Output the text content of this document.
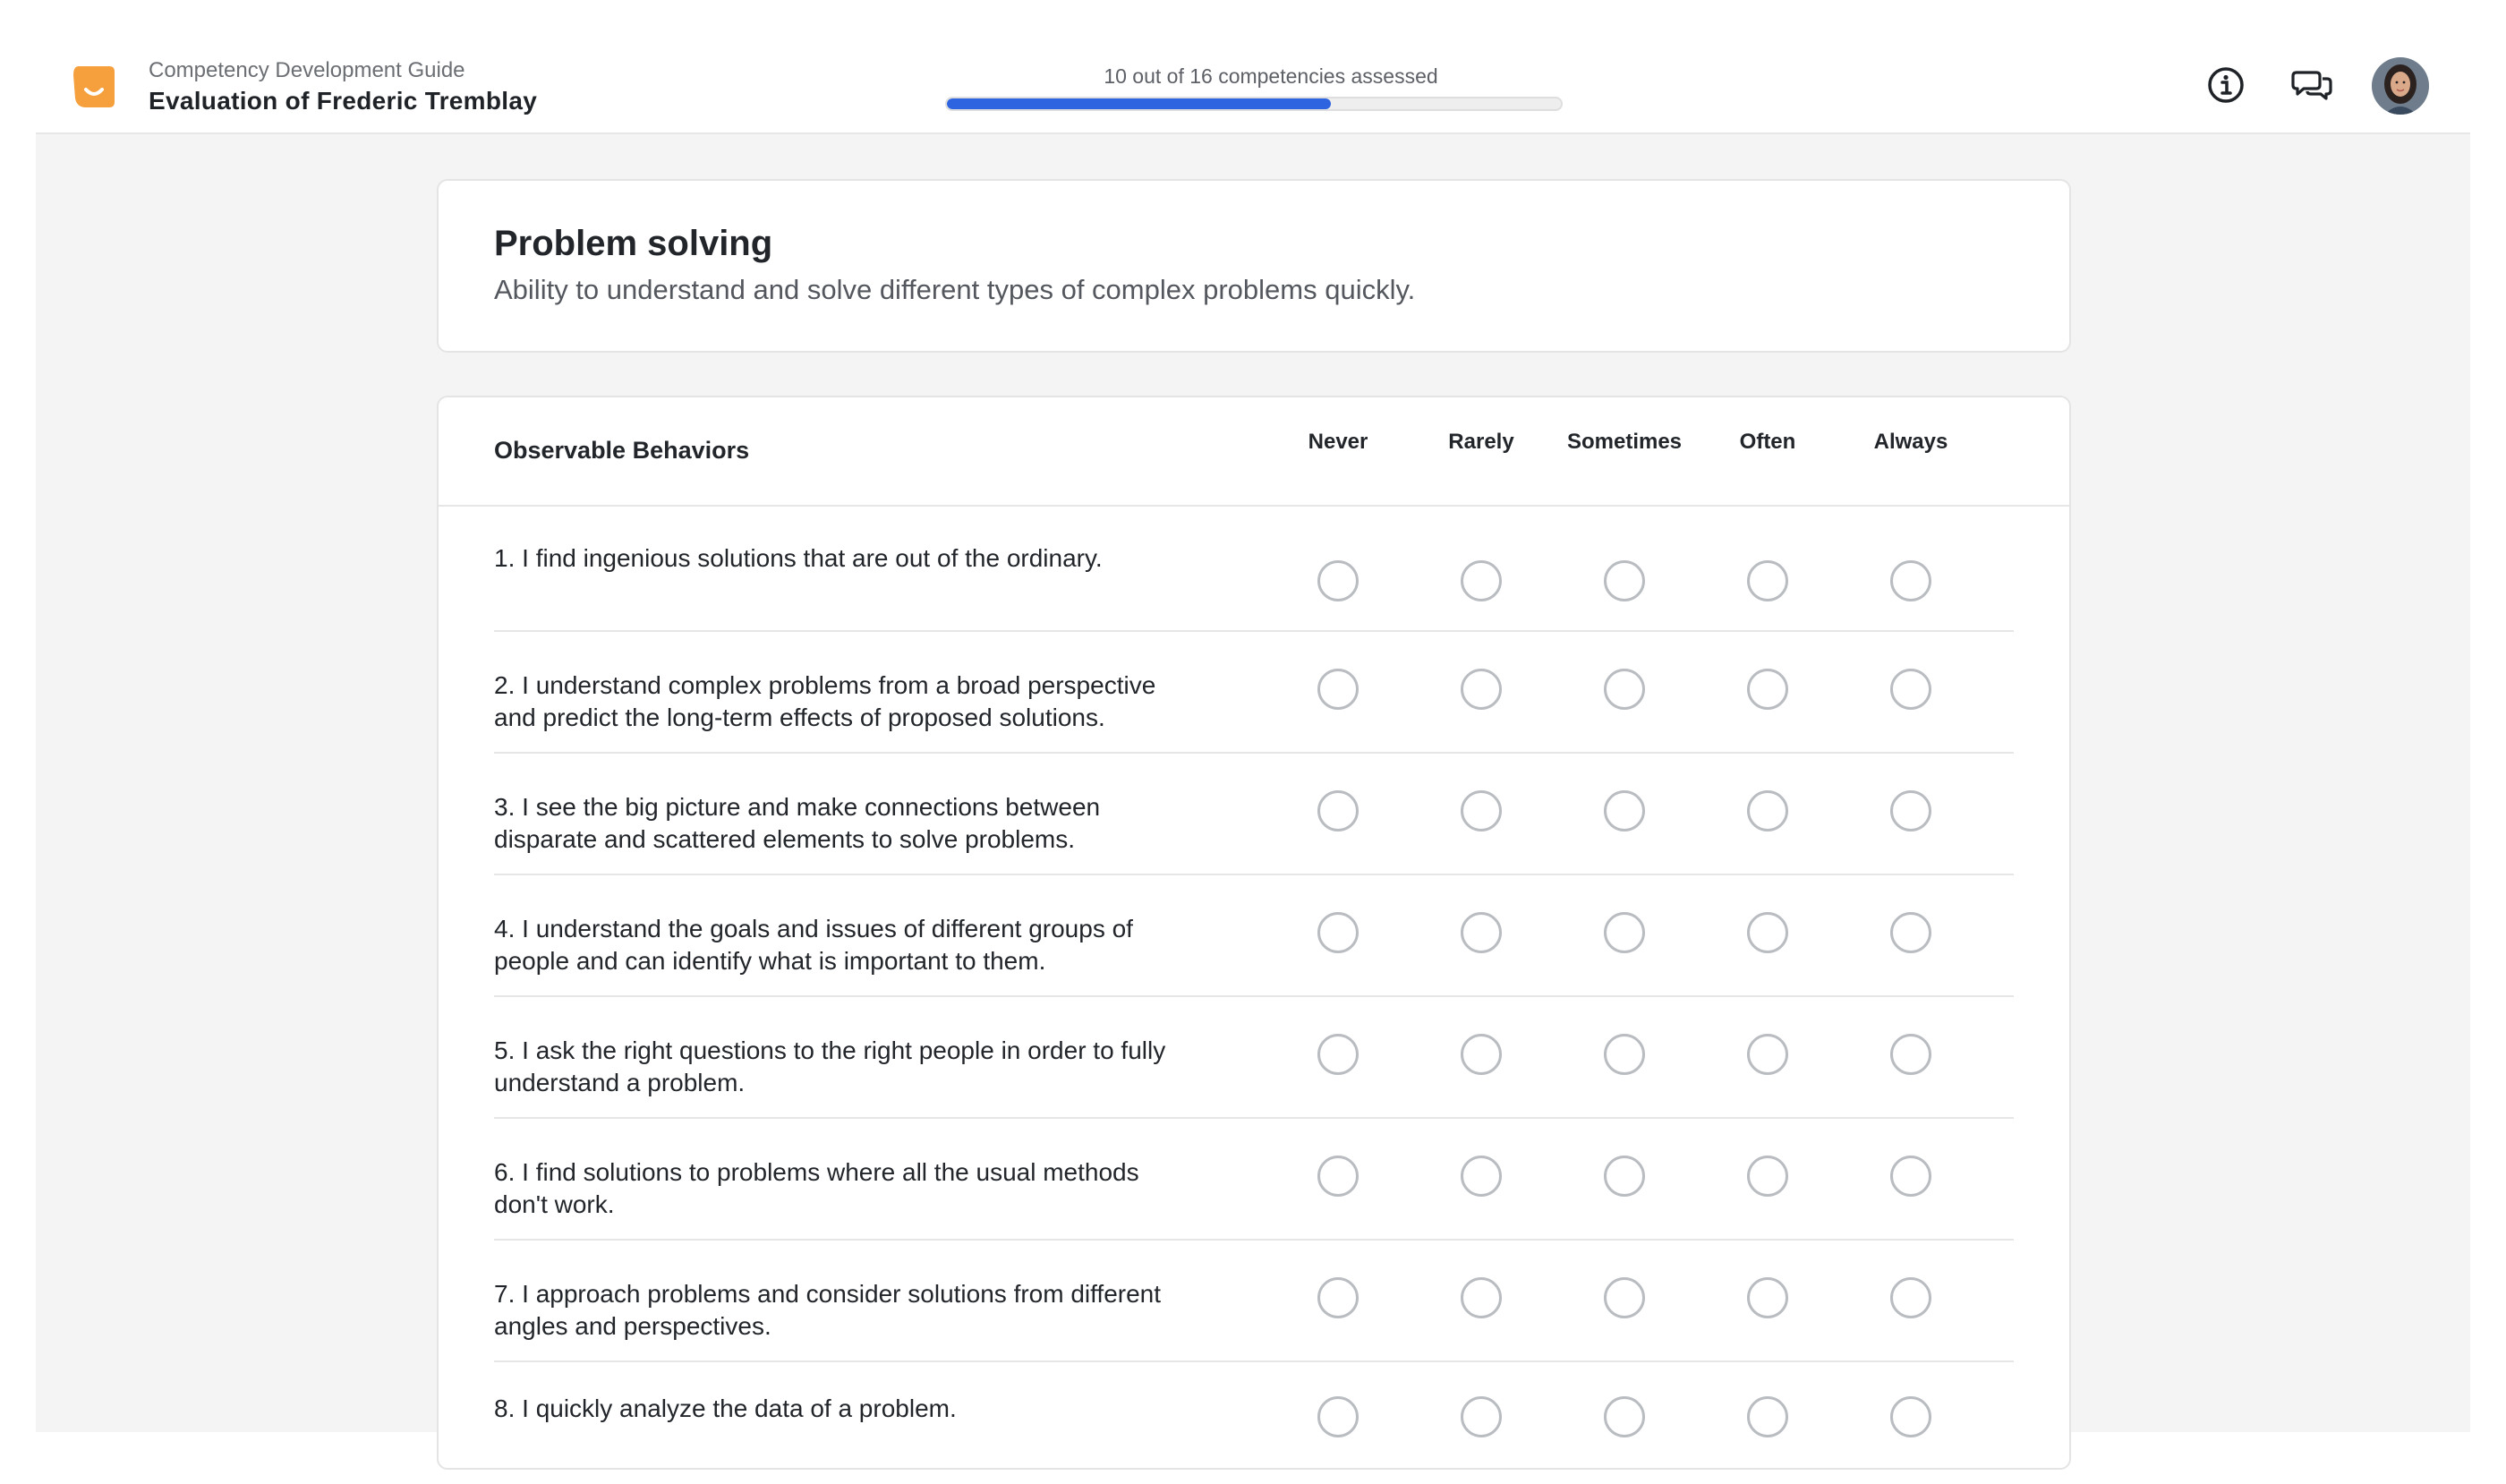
Competency Development Guide
Evaluation of Frederic Tremblay
10 out of 16 competencies assessed
Problem solving
Ability to understand and solve different types of complex problems quickly.
Observable Behaviors	Never	Rarely	Sometimes	Often	Always
1. I find ingenious solutions that are out of the ordinary.
2. I understand complex problems from a broad perspective
and predict the long-term effects of proposed solutions.
3. I see the big picture and make connections between
disparate and scattered elements to solve problems.
4. I understand the goals and issues of different groups of
people and can identify what is important to them.
5. I ask the right questions to the right people in order to fully
understand a problem.
6. I find solutions to problems where all the usual methods
don't work.
7. I approach problems and consider solutions from different
angles and perspectives.
8. I quickly analyze the data of a problem.
